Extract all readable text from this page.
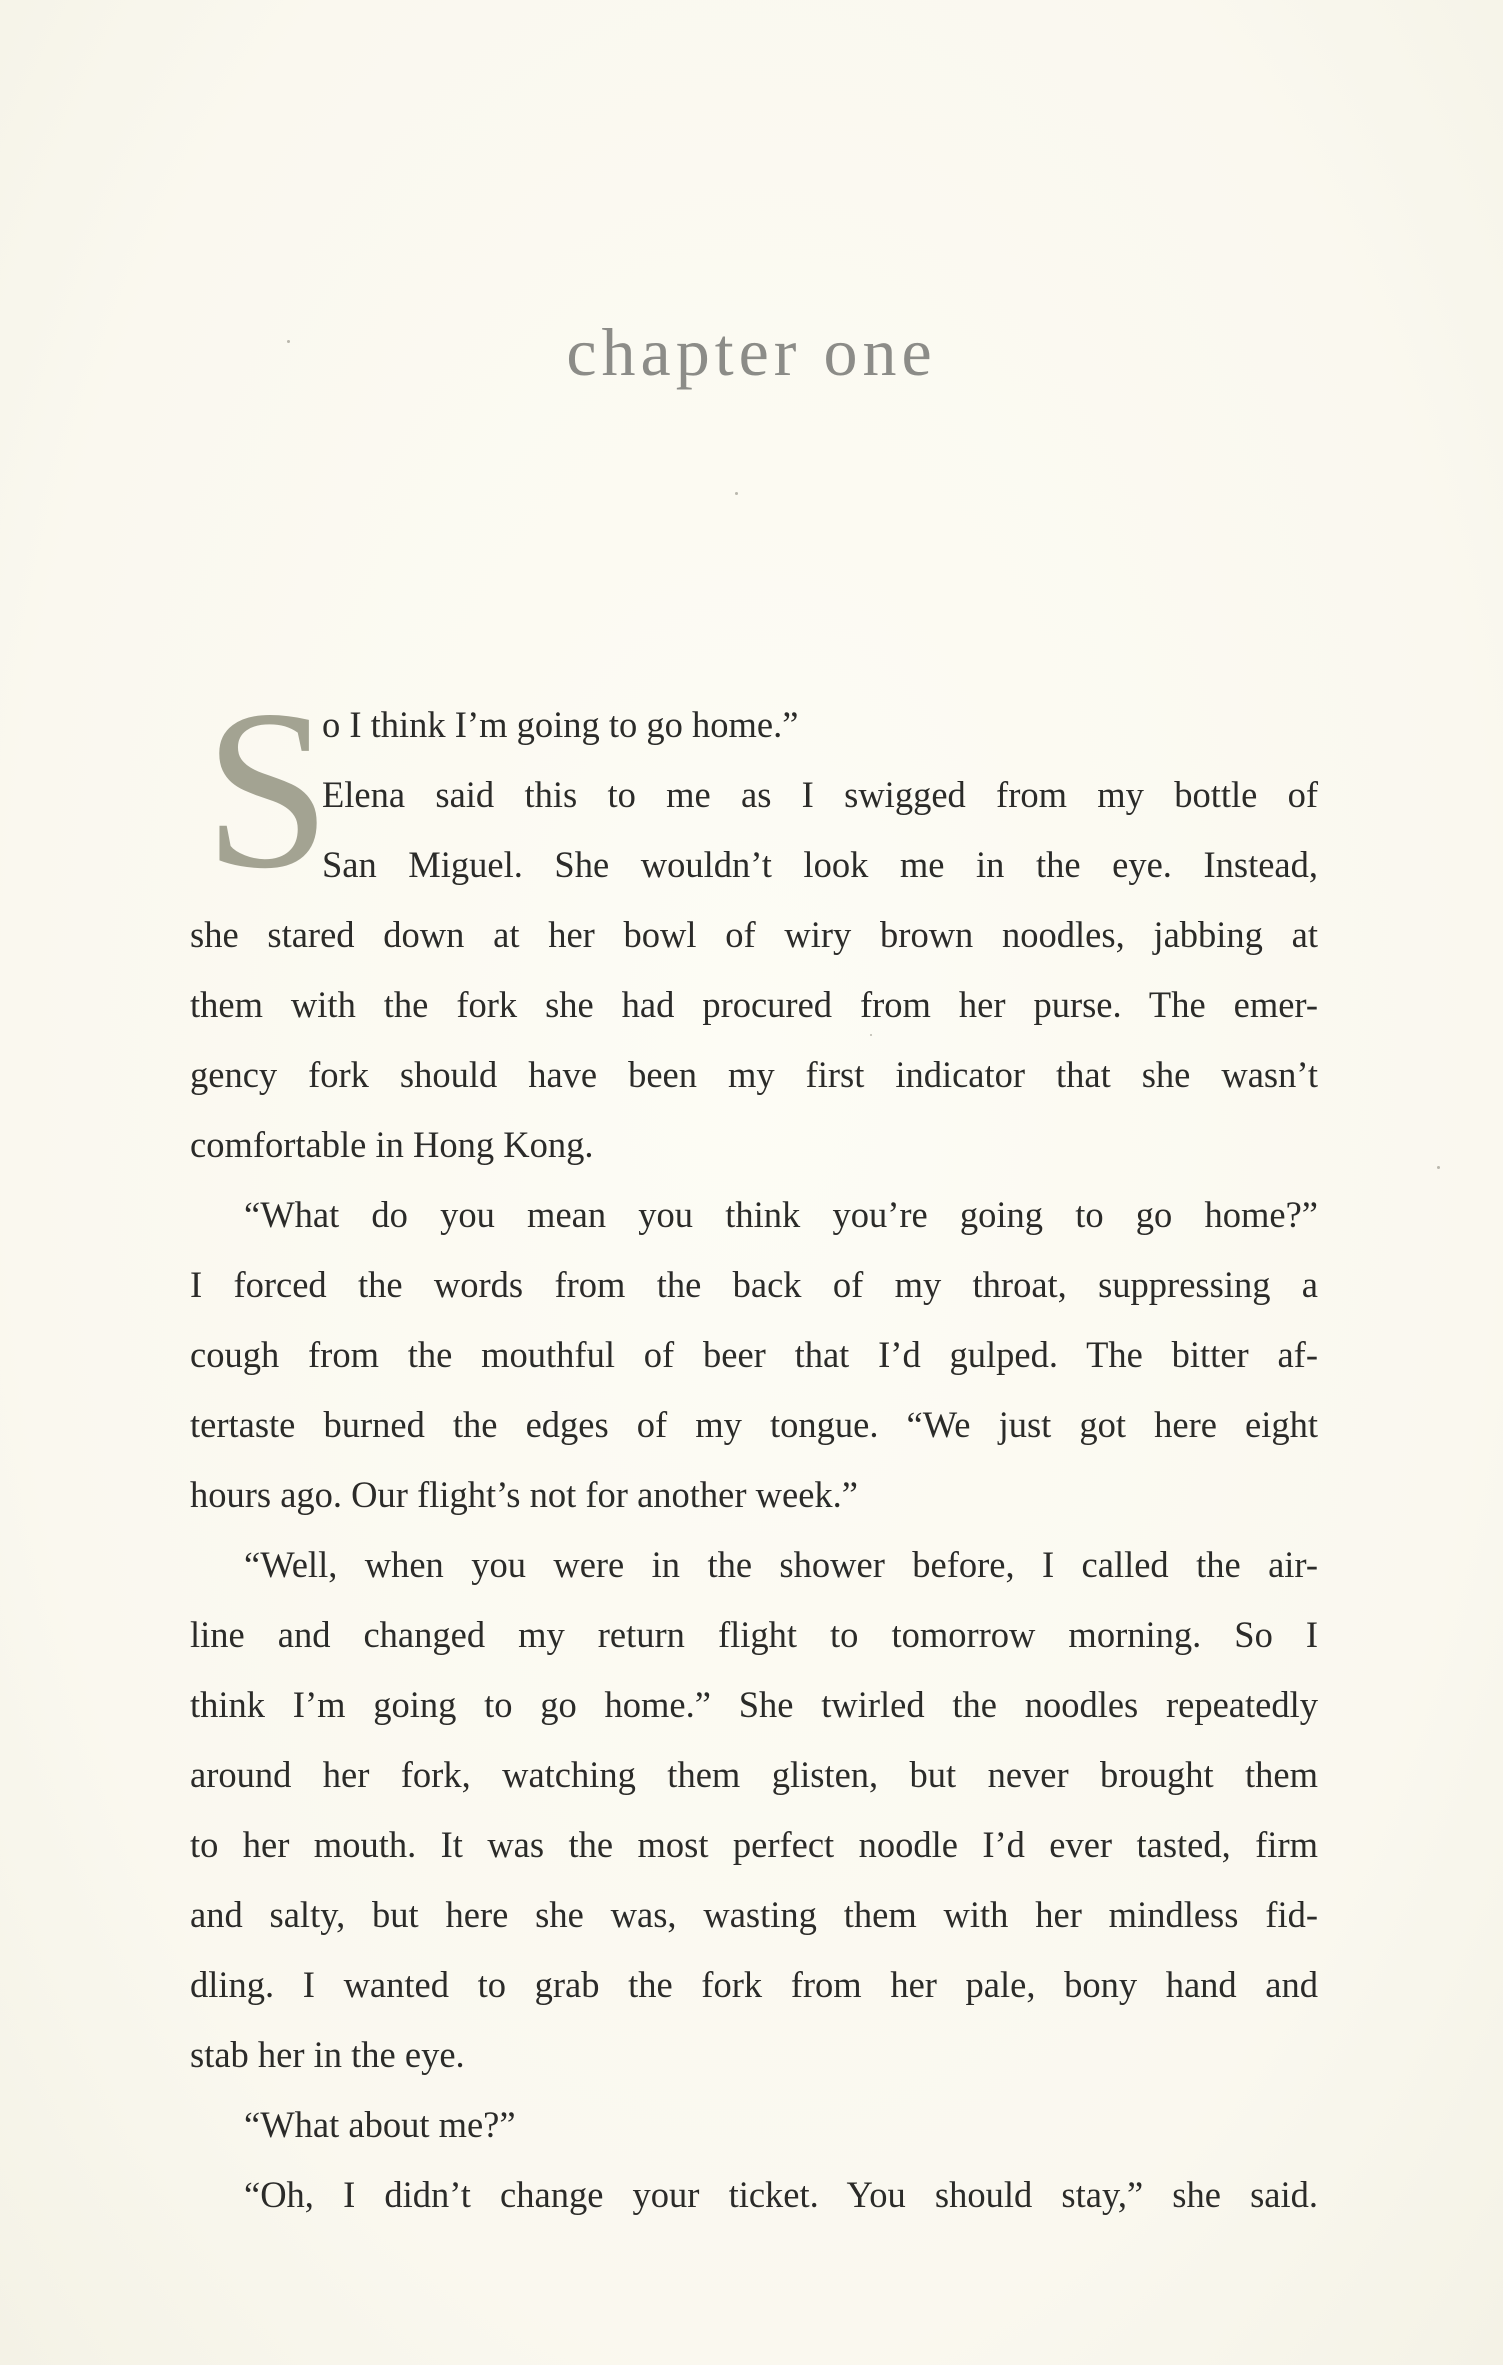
chapter one
S
o I think I’m going to go home.”
Elena said this to me as I swigged from my bottle of
San Miguel. She wouldn’t look me in the eye. Instead,
she stared down at her bowl of wiry brown noodles, jabbing at
them with the fork she had procured from her purse. The emer-
gency fork should have been my first indicator that she wasn’t
comfortable in Hong Kong.
“What do you mean you think you’re going to go home?”
I forced the words from the back of my throat, suppressing a
cough from the mouthful of beer that I’d gulped. The bitter af-
tertaste burned the edges of my tongue. “We just got here eight
hours ago. Our flight’s not for another week.”
“Well, when you were in the shower before, I called the air-
line and changed my return flight to tomorrow morning. So I
think I’m going to go home.” She twirled the noodles repeatedly
around her fork, watching them glisten, but never brought them
to her mouth. It was the most perfect noodle I’d ever tasted, firm
and salty, but here she was, wasting them with her mindless fid-
dling. I wanted to grab the fork from her pale, bony hand and
stab her in the eye.
“What about me?”
“Oh, I didn’t change your ticket. You should stay,” she said.
